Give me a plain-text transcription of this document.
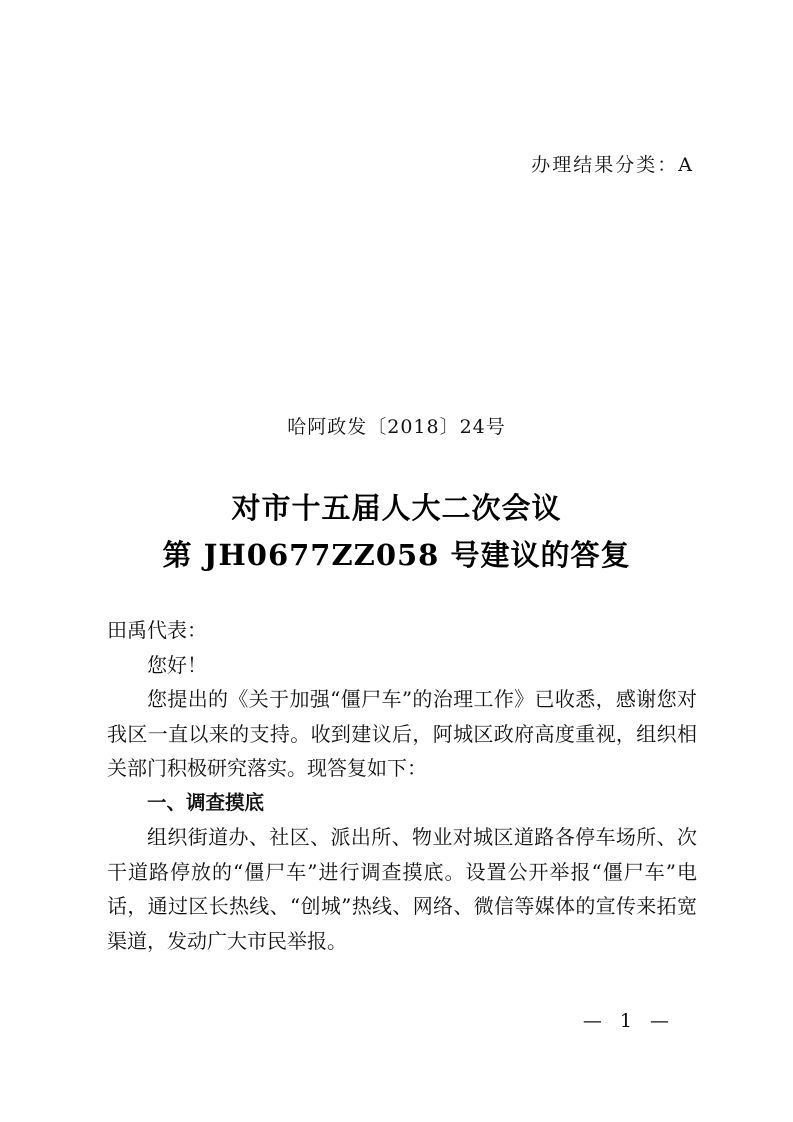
办理结果分类：A
哈阿政发〔2018〕24号
对市十五届人大二次会议
第 JH0677ZZ058 号建议的答复

田禹代表：

您好！

您提出的《关于加强“僵尸车”的治理工作》已收悉，感谢您对我区一直以来的支持。收到建议后，阿城区政府高度重视，组织相关部门积极研究落实。现答复如下：

一、调查摸底

组织街道办、社区、派出所、物业对城区道路各停车场所、次干道路停放的“僵尸车”进行调查摸底。设置公开举报“僵尸车”电话，通过区长热线、“创城”热线、网络、微信等媒体的宣传来拓宽渠道，发动广大市民举报。

— 1 —
